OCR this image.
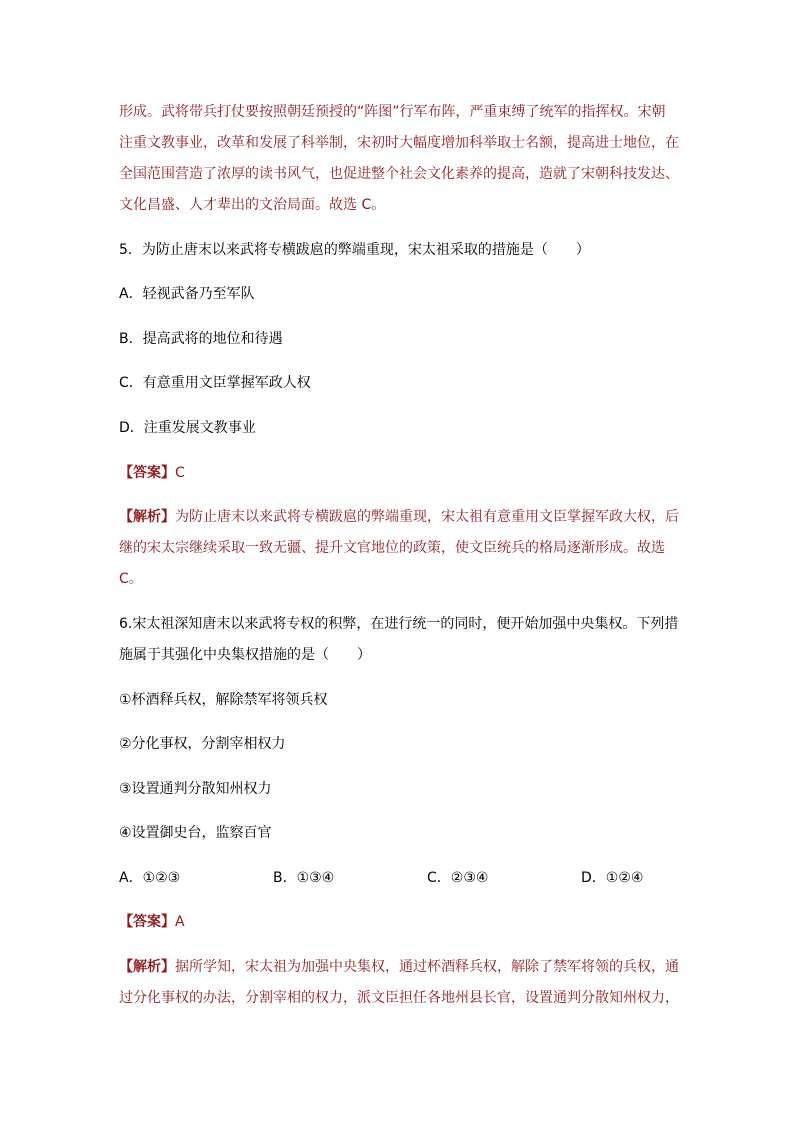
形成。武将带兵打仗要按照朝廷预授的“阵图”行军布阵，严重束缚了统军的指挥权。宋朝
注重文教事业，改革和发展了科举制，宋初时大幅度增加科举取士名额，提高进士地位，在
全国范围营造了浓厚的读书风气，也促进整个社会文化素养的提高，造就了宋朝科技发达、
文化昌盛、人才辈出的文治局面。故选 C。
5．为防止唐末以来武将专横跋扈的弊端重现，宋太祖采取的措施是（　　）
A．轻视武备乃至军队
B．提高武将的地位和待遇
C．有意重用文臣掌握军政人权
D．注重发展文教事业
【答案】C
【解析】为防止唐末以来武将专横跋扈的弊端重现，宋太祖有意重用文臣掌握军政大权，后
继的宋太宗继续采取一致无疆、提升文官地位的政策，使文臣统兵的格局逐渐形成。故选
C。
6.宋太祖深知唐末以来武将专权的积弊，在进行统一的同时，便开始加强中央集权。下列措
施属于其强化中央集权措施的是（　　）
①杯酒释兵权，解除禁军将领兵权
②分化事权，分割宰相权力
③设置通判分散知州权力
④设置御史台，监察百官
A．①②③	B．①③④	C．②③④	D．①②④
【答案】A
【解析】据所学知，宋太祖为加强中央集权，通过杯酒释兵权，解除了禁军将领的兵权，通
过分化事权的办法，分割宰相的权力，派文臣担任各地州县长官，设置通判分散知州权力，
